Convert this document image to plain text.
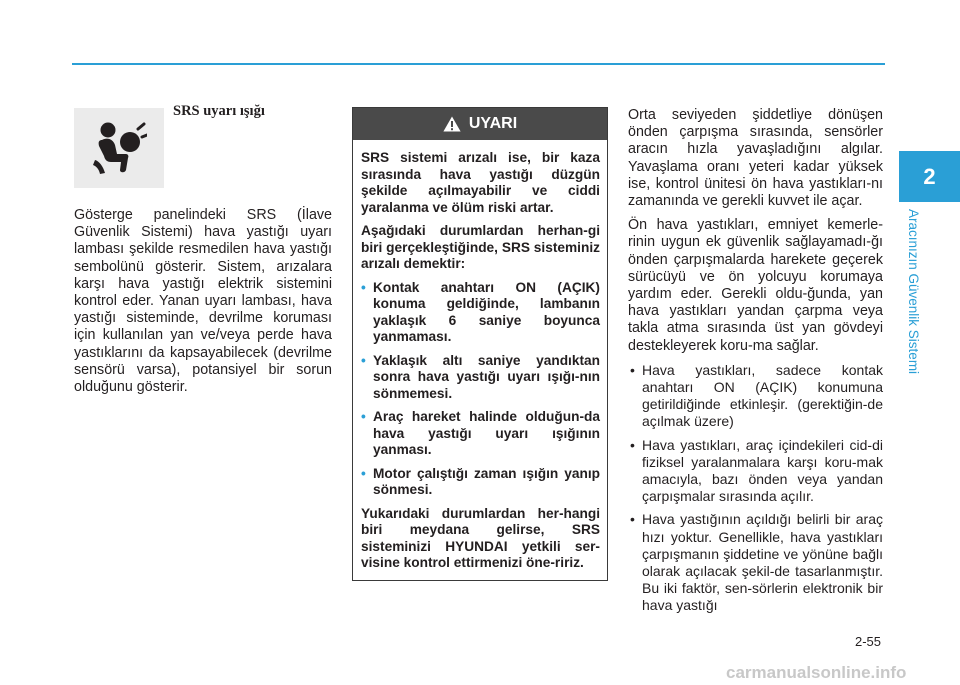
2
Aracınızın Güvenlik Sistemi

SRS uyarı ışığı

Gösterge panelindeki SRS (İlave Güvenlik Sistemi) hava yastığı uyarı lambası şekilde resmedilen hava yastığı sembolünü gösterir. Sistem, arızalara karşı hava yastığı elektrik sistemini kontrol eder. Yanan uyarı lambası, hava yastığı sisteminde, devrilme koruması için kullanılan yan ve/veya perde hava yastıklarını da kapsayabilecek (devrilme sensörü varsa), potansiyel bir sorun olduğunu gösterir.

UYARI

SRS sistemi arızalı ise, bir kaza sırasında hava yastığı düzgün şekilde açılmayabilir ve ciddi yaralanma ve ölüm riski artar.

Aşağıdaki durumlardan herhan-gi biri gerçekleştiğinde, SRS sisteminiz arızalı demektir:

• Kontak anahtarı ON (AÇIK) konuma geldiğinde, lambanın yaklaşık 6 saniye boyunca yanmaması.
• Yaklaşık altı saniye yandıktan sonra hava yastığı uyarı ışığı-nın sönmemesi.
• Araç hareket halinde olduğun-da hava yastığı uyarı ışığının yanması.
• Motor çalıştığı zaman ışığın yanıp sönmesi.

Yukarıdaki durumlardan her-hangi biri meydana gelirse, SRS sisteminizi HYUNDAI yetkili ser-visine kontrol ettirmenizi öne-ririz.

Orta seviyeden şiddetliye dönüşen önden çarpışma sırasında, sensörler aracın hızla yavaşladığını algılar. Yavaşlama oranı yeteri kadar yüksek ise, kontrol ünitesi ön hava yastıkları-nı zamanında ve gerekli kuvvet ile açar.

Ön hava yastıkları, emniyet kemerle-rinin uygun ek güvenlik sağlayamadı-ğı önden çarpışmalarda harekete geçerek sürücüyü ve ön yolcuyu korumaya yardım eder. Gerekli oldu-ğunda, yan hava yastıkları yandan çarpma veya takla atma sırasında üst yan gövdeyi destekleyerek koru-ma sağlar.

• Hava yastıkları, sadece kontak anahtarı ON (AÇIK) konumuna getirildiğinde etkinleşir. (gerektiğin-de açılmak üzere)
• Hava yastıkları, araç içindekileri cid-di fiziksel yaralanmalara karşı koru-mak amacıyla, bazı önden veya yandan çarpışmalar sırasında açılır.
• Hava yastığının açıldığı belirli bir araç hızı yoktur. Genellikle, hava yastıkları çarpışmanın şiddetine ve yönüne bağlı olarak açılacak şekil-de tasarlanmıştır. Bu iki faktör, sen-sörlerin elektronik bir hava yastığı

2-55

carmanualsonline.info
